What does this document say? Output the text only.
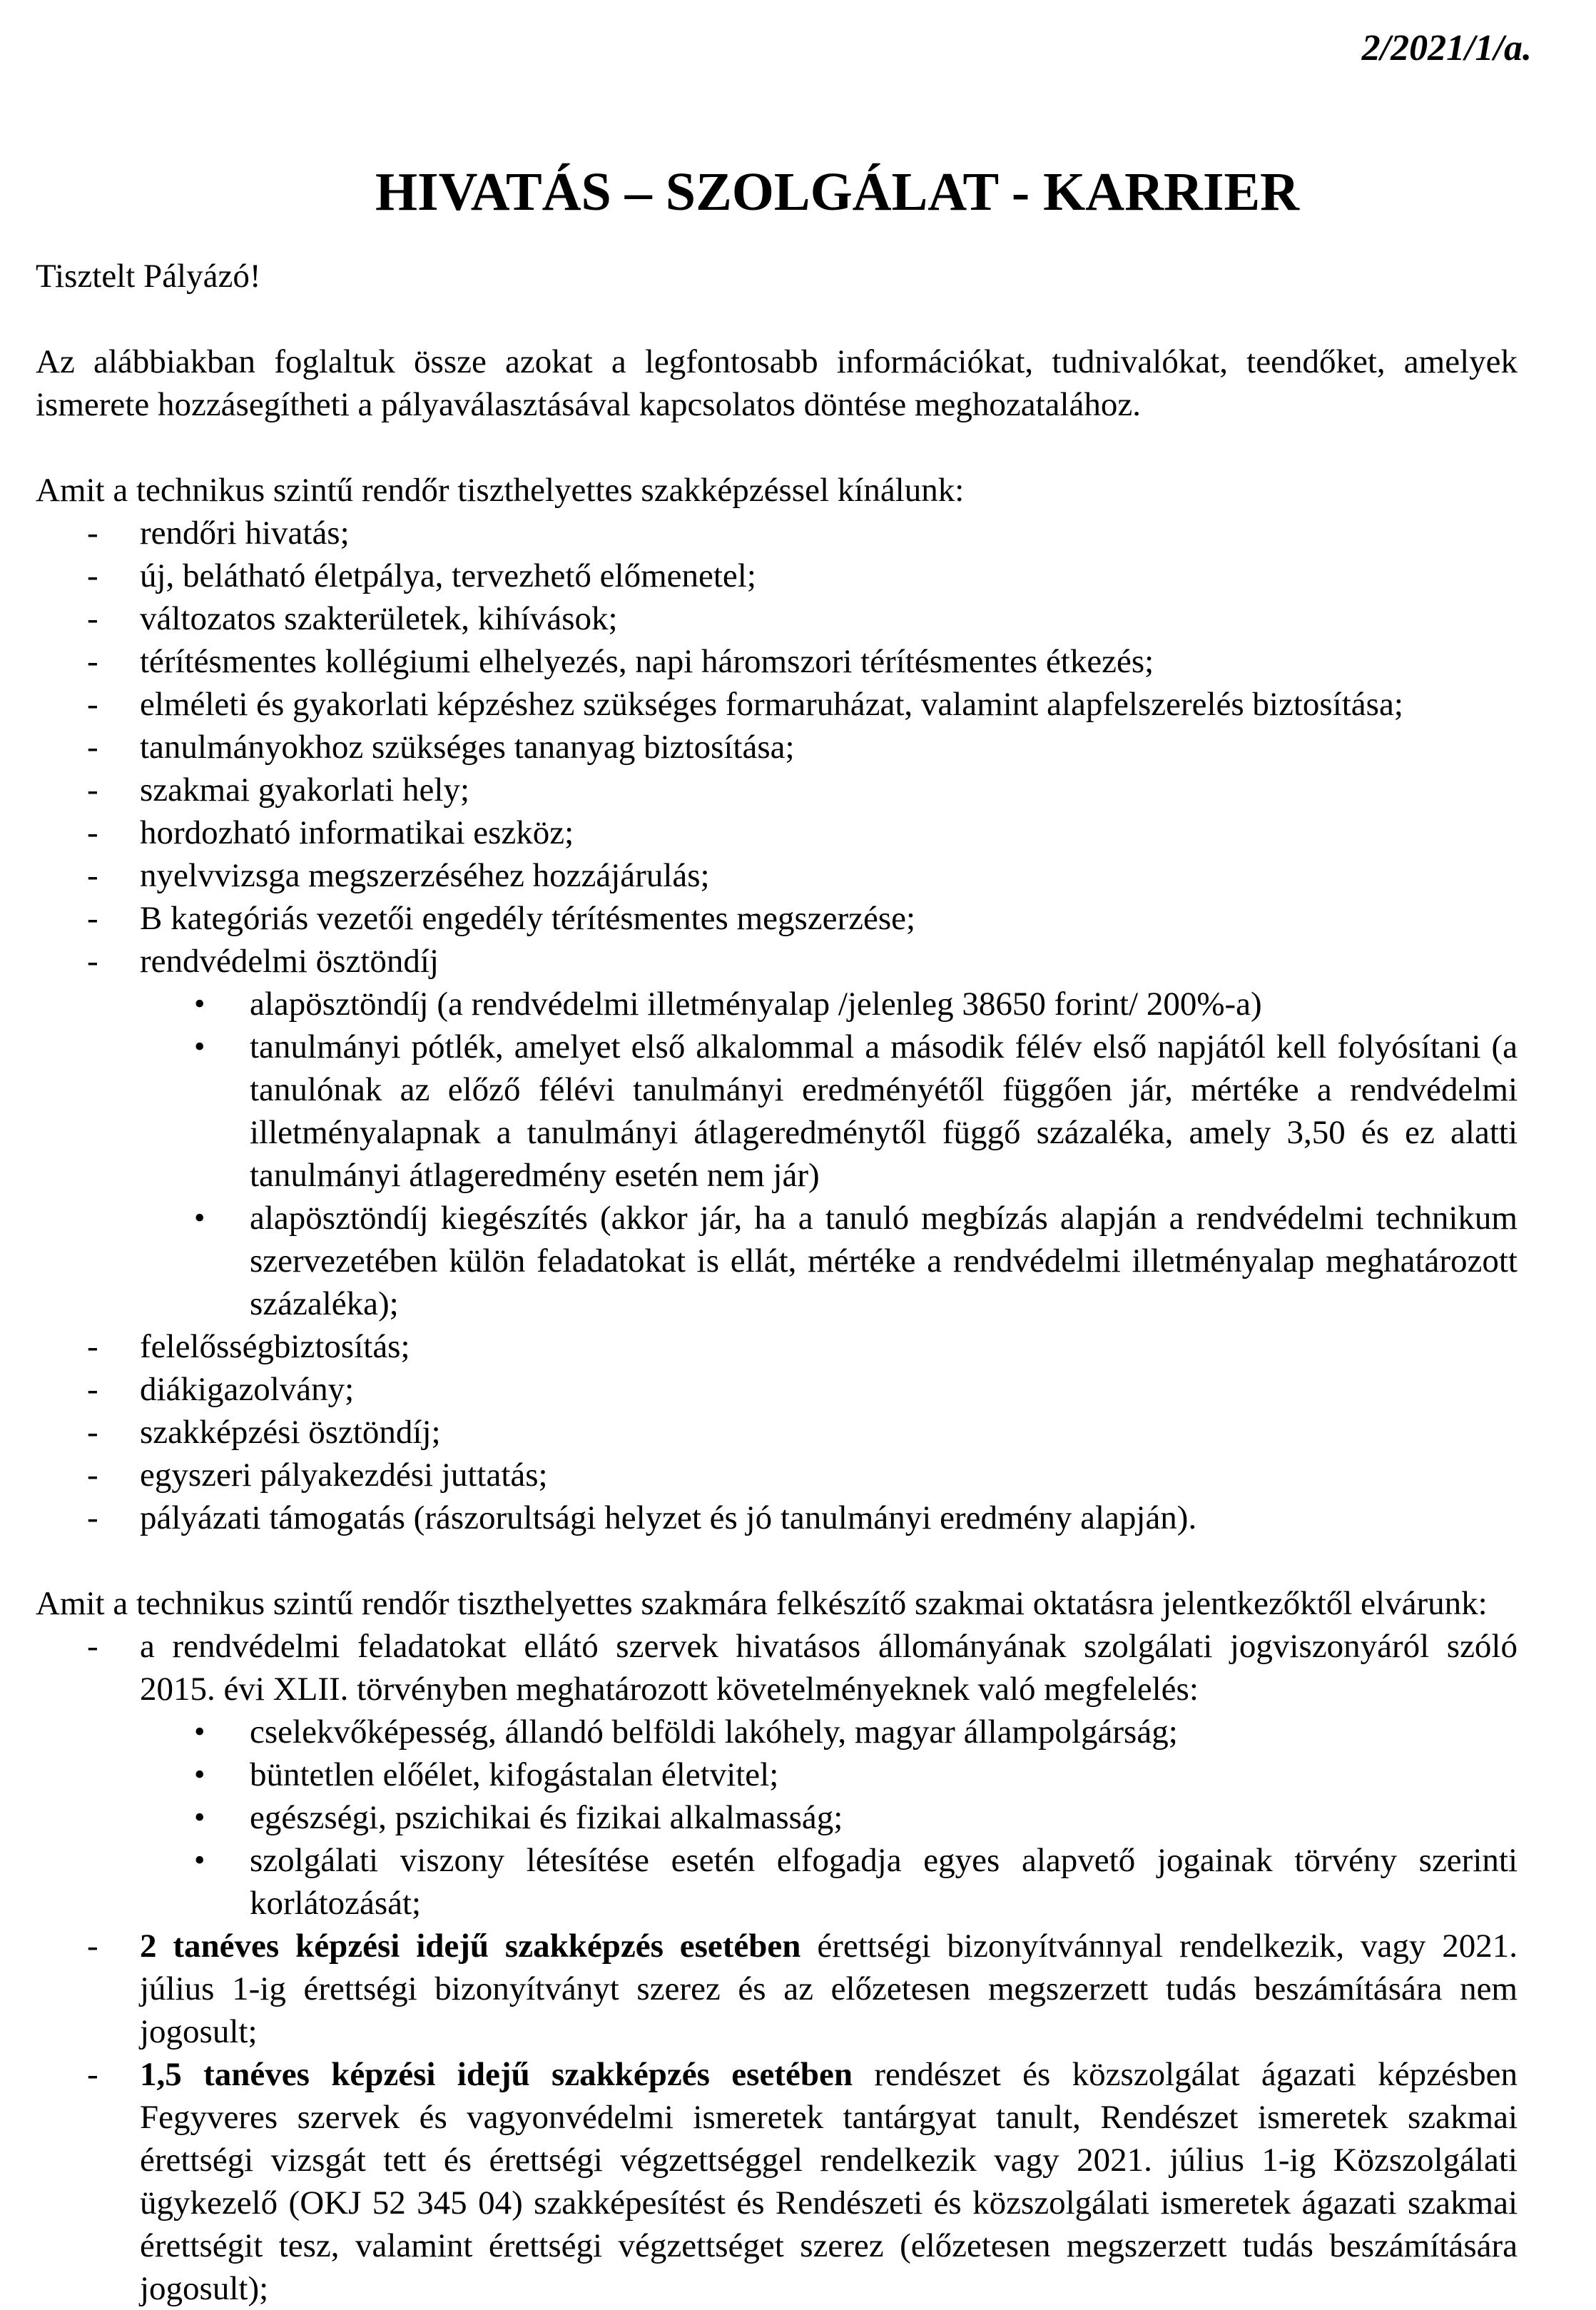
2/2021/1/a.
HIVATÁS – SZOLGÁLAT - KARRIER

Tisztelt Pályázó!

Az alábbiakban foglaltuk össze azokat a legfontosabb információkat, tudnivalókat, teendőket, amelyek ismerete hozzásegítheti a pályaválasztásával kapcsolatos döntése meghozatalához.

Amit a technikus szintű rendőr tiszthelyettes szakképzéssel kínálunk:

- rendőri hivatás;
- új, belátható életpálya, tervezhető előmenetel;
- változatos szakterületek, kihívások;
- térítésmentes kollégiumi elhelyezés, napi háromszori térítésmentes étkezés;
- elméleti és gyakorlati képzéshez szükséges formaruházat, valamint alapfelszerelés biztosítása;
- tanulmányokhoz szükséges tananyag biztosítása;
- szakmai gyakorlati hely;
- hordozható informatikai eszköz;
- nyelvvizsga megszerzéséhez hozzájárulás;
- B kategóriás vezetői engedély térítésmentes megszerzése;
- rendvédelmi ösztöndíj
• alapösztöndíj (a rendvédelmi illetményalap /jelenleg 38650 forint/ 200%-a)
• tanulmányi pótlék, amelyet első alkalommal a második félév első napjától kell folyósítani (a tanulónak az előző félévi tanulmányi eredményétől függően jár, mértéke a rendvédelmi illetményalapnak a tanulmányi átlageredménytől függő százaléka, amely 3,50 és ez alatti tanulmányi átlageredmény esetén nem jár)
• alapösztöndíj kiegészítés (akkor jár, ha a tanuló megbízás alapján a rendvédelmi technikum szervezetében külön feladatokat is ellát, mértéke a rendvédelmi illetményalap meghatározott százaléka);
- felelősségbiztosítás;
- diákigazolvány;
- szakképzési ösztöndíj;
- egyszeri pályakezdési juttatás;
- pályázati támogatás (rászorultsági helyzet és jó tanulmányi eredmény alapján).

Amit a technikus szintű rendőr tiszthelyettes szakmára felkészítő szakmai oktatásra jelentkezőktől elvárunk:

- a rendvédelmi feladatokat ellátó szervek hivatásos állományának szolgálati jogviszonyáról szóló 2015. évi XLII. törvényben meghatározott követelményeknek való megfelelés:
• cselekvőképesség, állandó belföldi lakóhely, magyar állampolgárság;
• büntetlen előélet, kifogástalan életvitel;
• egészségi, pszichikai és fizikai alkalmasság;
• szolgálati viszony létesítése esetén elfogadja egyes alapvető jogainak törvény szerinti korlátozását;
- 2 tanéves képzési idejű szakképzés esetében érettségi bizonyítvánnyal rendelkezik, vagy 2021. július 1-ig érettségi bizonyítványt szerez és az előzetesen megszerzett tudás beszámítására nem jogosult;
- 1,5 tanéves képzési idejű szakképzés esetében rendészet és közszolgálat ágazati képzésben Fegyveres szervek és vagyonvédelmi ismeretek tantárgyat tanult, Rendészet ismeretek szakmai érettségi vizsgát tett és érettségi végzettséggel rendelkezik vagy 2021. július 1-ig Közszolgálati ügykezelő (OKJ 52 345 04) szakképesítést és Rendészeti és közszolgálati ismeretek ágazati szakmai érettségit tesz, valamint érettségi végzettséget szerez (előzetesen megszerzett tudás beszámítására jogosult);
